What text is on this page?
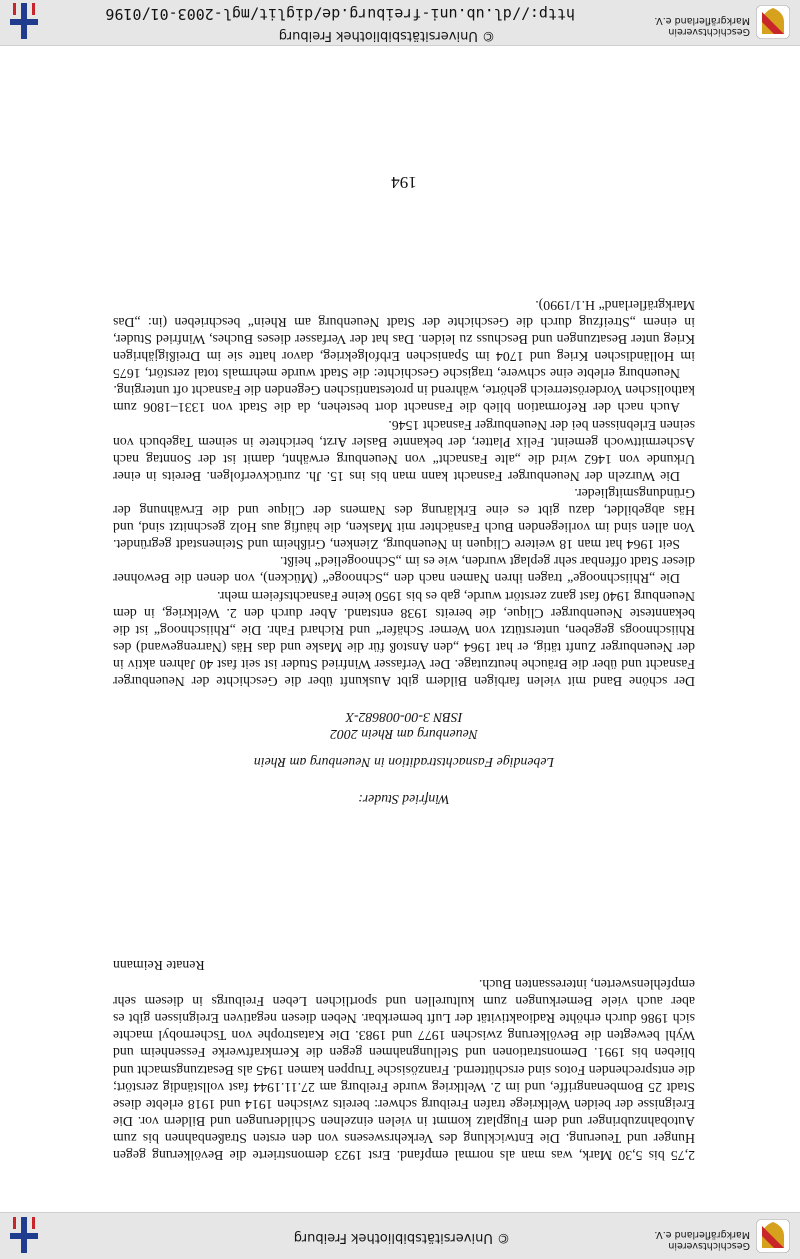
Geschichtsverein
Markgräflerland e.V.
© Universitätsbibliothek Freiburg
Geschichtsverein
Markgräflerland e.V.
© Universitätsbibliothek Freiburg
http://dl.ub.uni-freiburg.de/diglit/mgl-2003-01/0196

2,75 bis 5,30 Mark, was man als normal empfand. Erst 1923 demonstrierte die Bevölkerung gegen Hunger und Teuerung. Die Entwicklung des Verkehrswesens von den ersten Straßenbahnen bis zum Autobahnzubringer und dem Flugplatz kommt in vielen einzelnen Schilderungen und Bildern vor. Die Ereignisse der beiden Weltkriege trafen Freiburg schwer: bereits zwischen 1914 und 1918 erlebte diese Stadt 25 Bombenangriffe, und im 2. Weltkrieg wurde Freiburg am 27.11.1944 fast vollständig zerstört; die entsprechenden Fotos sind erschütternd. Französische Truppen kamen 1945 als Besatzungsmacht und blieben bis 1991. Demonstrationen und Stellungnahmen gegen die Kernkraftwerke Fessenheim und Wyhl bewegten die Bevölkerung zwischen 1977 und 1983. Die Katastrophe von Tschernobyl machte sich 1986 durch erhöhte Radioaktivität der Luft bemerkbar. Neben diesen negativen Ereignissen gibt es aber auch viele Bemerkungen zum kulturellen und sportlichen Leben Freiburgs in diesem sehr empfehlenswerten, interessanten Buch.

Renate Reimann

Winfried Studer:

Lebendige Fasnachtstradition in Neuenburg am Rhein

Neuenburg am Rhein 2002

ISBN 3-00-008682-X

Der schöne Band mit vielen farbigen Bildern gibt Auskunft über die Geschichte der Neuenburger Fasnacht und über die Bräuche heutzutage. Der Verfasser Winfried Studer ist seit fast 40 Jahren aktiv in der Neuenburger Zunft tätig, er hat 1964 „den Anstoß für die Maske und das Häs (Narrengewand) des Rhiischnoogs gegeben, unterstützt von Werner Schäfer“ und Richard Fahr. Die „Rhiischnoog“ ist die bekannteste Neuenburger Clique, die bereits 1938 entstand. Aber durch den 2. Weltkrieg, in dem Neuenburg 1940 fast ganz zerstört wurde, gab es bis 1950 keine Fasnachtsfeiern mehr.

Die „Rhiischnooge“ tragen ihren Namen nach den „Schnooge“ (Mücken), von denen die Bewohner dieser Stadt offenbar sehr geplagt wurden, wie es im „Schnoogelied“ heißt.

Seit 1964 hat man 18 weitere Cliquen in Neuenburg, Zienken, Grißheim und Steinenstadt gegründet. Von allen sind im vorliegenden Buch Fasnächter mit Masken, die häufig aus Holz geschnitzt sind, und Häs abgebildet, dazu gibt es eine Erklärung des Namens der Clique und die Erwähnung der Gründungsmitglieder.

Die Wurzeln der Neuenburger Fasnacht kann man bis ins 15. Jh. zurückverfolgen. Bereits in einer Urkunde von 1462 wird die „alte Fasnacht“ von Neuenburg erwähnt, damit ist der Sonntag nach Aschermittwoch gemeint. Felix Platter, der bekannte Basler Arzt, berichtete in seinem Tagebuch von seinen Erlebnissen bei der Neuenburger Fasnacht 1546.

Auch nach der Reformation blieb die Fasnacht dort bestehen, da die Stadt von 1331–1806 zum katholischen Vorderösterreich gehörte, während in protestantischen Gegenden die Fasnacht oft unterging.

Neuenburg erlebte eine schwere, tragische Geschichte: die Stadt wurde mehrmals total zerstört, 1675 im Holländischen Krieg und 1704 im Spanischen Erbfolgekrieg, davor hatte sie im Dreißigjährigen Krieg unter Besatzungen und Beschuss zu leiden. Das hat der Verfasser dieses Buches, Winfried Studer, in einem „Streifzug durch die Geschichte der Stadt Neuenburg am Rhein“ beschrieben (in: „Das Markgräflerland“ H.1/1990).

194
